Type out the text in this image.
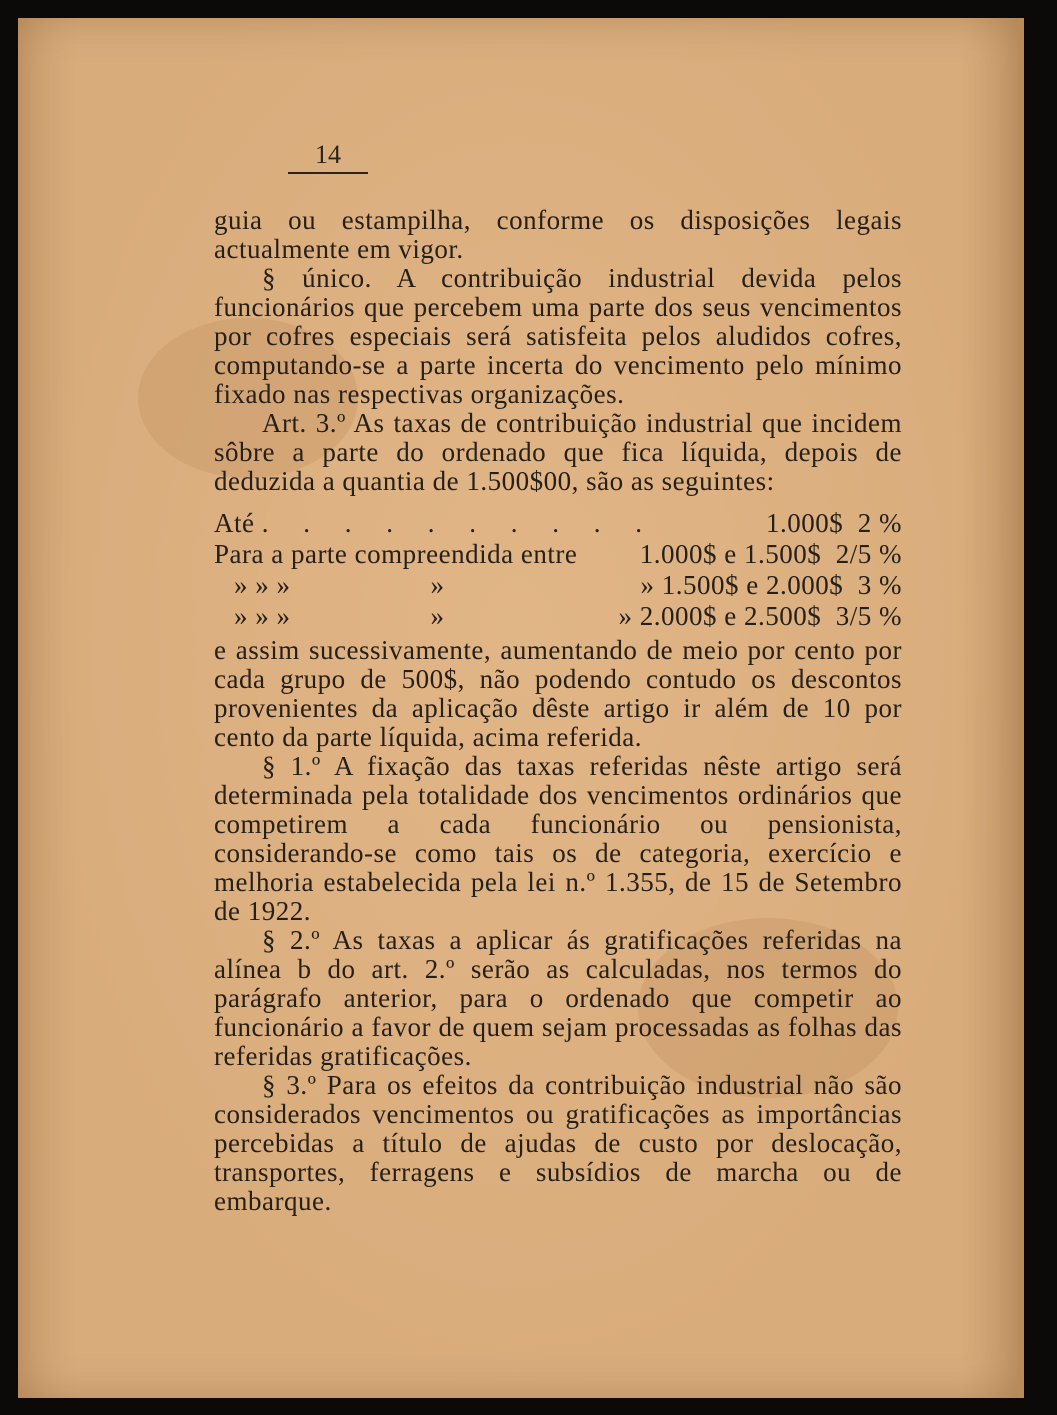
14

guia ou estampilha, conforme os disposições legais actualmente em vigor.

§ único. A contribuição industrial devida pelos funcionários que percebem uma parte dos seus vencimentos por cofres especiais será satisfeita pelos aludidos cofres, computando-se a parte incerta do vencimento pelo mínimo fixado nas respectivas organizações.

Art. 3.º As taxas de contribuição industrial que incidem sôbre a parte do ordenado que fica líquida, depois de deduzida a quantia de 1.500$00, são as seguintes:

Até . . . . . . . . . .	1.000$ 2 %
Para a parte compreendida entre	1.000$ e 1.500$ 2/5 %
» » »	»	» 1.500$ e 2.000$ 3 %
» » »	»	» 2.000$ e 2.500$ 3/5 %

e assim sucessivamente, aumentando de meio por cento por cada grupo de 500$, não podendo contudo os descontos provenientes da aplicação dêste artigo ir além de 10 por cento da parte líquida, acima referida.

§ 1.º A fixação das taxas referidas nêste artigo será determinada pela totalidade dos vencimentos ordinários que competirem a cada funcionário ou pensionista, considerando-se como tais os de categoria, exercício e melhoria estabelecida pela lei n.º 1.355, de 15 de Setembro de 1922.

§ 2.º As taxas a aplicar ás gratificações referidas na alínea b do art. 2.º serão as calculadas, nos termos do parágrafo anterior, para o ordenado que competir ao funcionário a favor de quem sejam processadas as folhas das referidas gratificações.

§ 3.º Para os efeitos da contribuição industrial não são considerados vencimentos ou gratificações as importâncias percebidas a título de ajudas de custo por deslocação, transportes, ferragens e subsídios de marcha ou de embarque.
